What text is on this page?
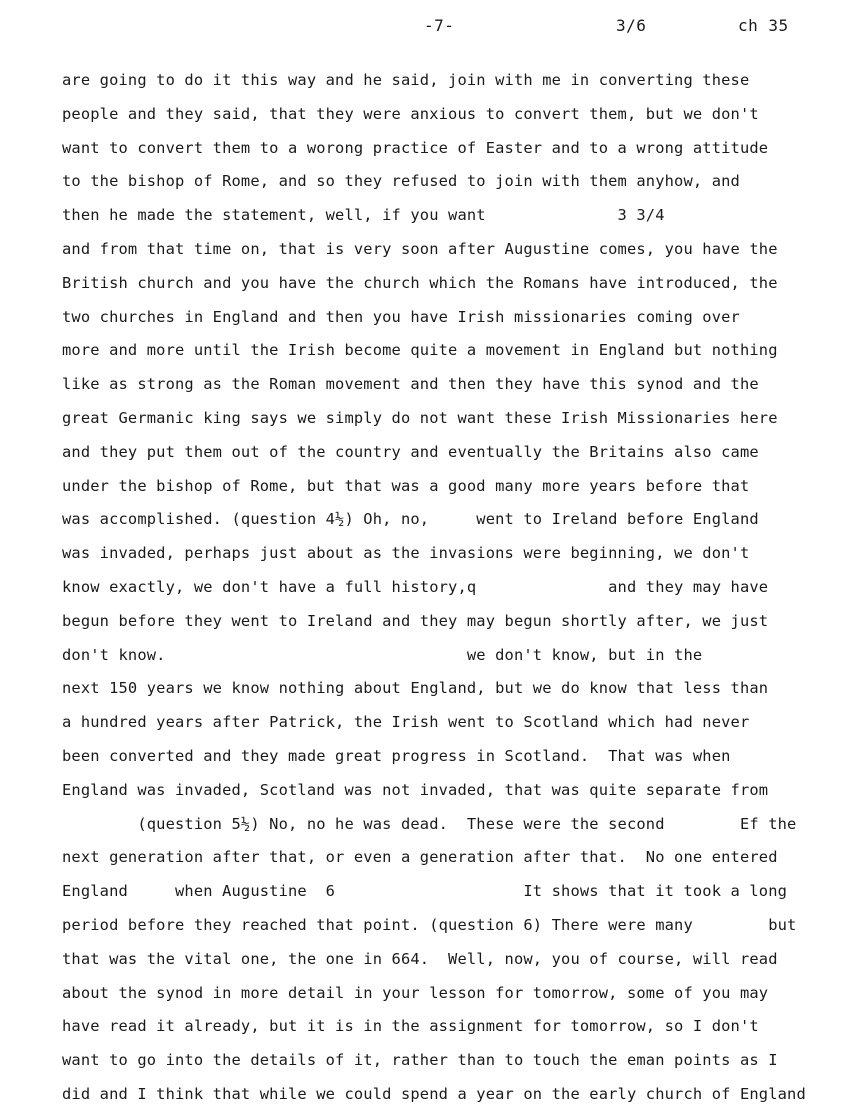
-7-	3/6	ch 35
are going to do it this way and he said, join with me in converting these
people and they said, that they were anxious to convert them, but we don't
want to convert them to a worong practice of Easter and to a wrong attitude
to the bishop of Rome, and so they refused to join with them anyhow, and
then he made the statement, well, if you want              3 3/4
and from that time on, that is very soon after Augustine comes, you have the
British church and you have the church which the Romans have introduced, the
two churches in England and then you have Irish missionaries coming over
more and more until the Irish become quite a movement in England but nothing
like as strong as the Roman movement and then they have this synod and the
great Germanic king says we simply do not want these Irish Missionaries here
and they put them out of the country and eventually the Britains also came
under the bishop of Rome, but that was a good many more years before that
was accomplished. (question 4½) Oh, no,     went to Ireland before England
was invaded, perhaps just about as the invasions were beginning, we don't
know exactly, we don't have a full history,q              and they may have
begun before they went to Ireland and they may begun shortly after, we just
don't know.                                we don't know, but in the
next 150 years we know nothing about England, but we do know that less than
a hundred years after Patrick, the Irish went to Scotland which had never
been converted and they made great progress in Scotland.  That was when
England was invaded, Scotland was not invaded, that was quite separate from
(question 5½) No, no he was dead.  These were the second        Ef the
next generation after that, or even a generation after that.  No one entered
England     when Augustine  6                    It shows that it took a long
period before they reached that point. (question 6) There were many        but
that was the vital one, the one in 664.  Well, now, you of course, will read
about the synod in more detail in your lesson for tomorrow, some of you may
have read it already, but it is in the assignment for tomorrow, so I don't
want to go into the details of it, rather than to touch the eman points as I
did and I think that while we could spend a year on the early church of England
